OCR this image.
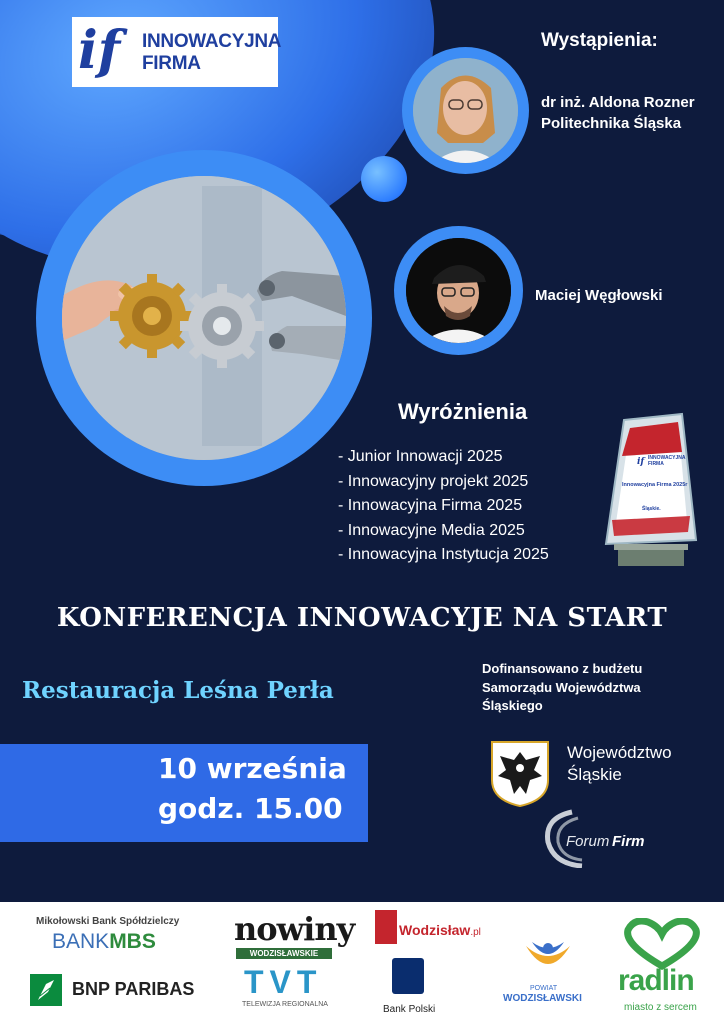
if INNOWACYJNA
FIRMA
Wystąpienia:
dr inż. Aldona Rozner
Politechnika Śląska
Maciej Węgłowski
Wyróżnienia
- Junior Innowacji 2025
- Innowacyjny projekt 2025
- Innowacyjna Firma 2025
- Innowacyjne Media 2025
- Innowacyjna Instytucja 2025
if INNOWACYJNA
FIRMA
Innowacyjna Firma 2025r
Śląskie.
KONFERENCJA INNOWACYJE NA START
Restauracja Leśna Perła
Dofinansowano z budżetu
Samorządu Województwa
Śląskiego
10 września
godz. 15.00
Województwo
Śląskie
Forum Firm
Mikołowski Bank Spółdzielczy
BANKMBS
BNP PARIBAS
nowiny
WODZISŁAWSKIE
TVT
TELEWIZJA REGIONALNA
Wodzisław.pl
Bank Polski
POWIAT
WODZISŁAWSKI
radlin
miasto z sercem
